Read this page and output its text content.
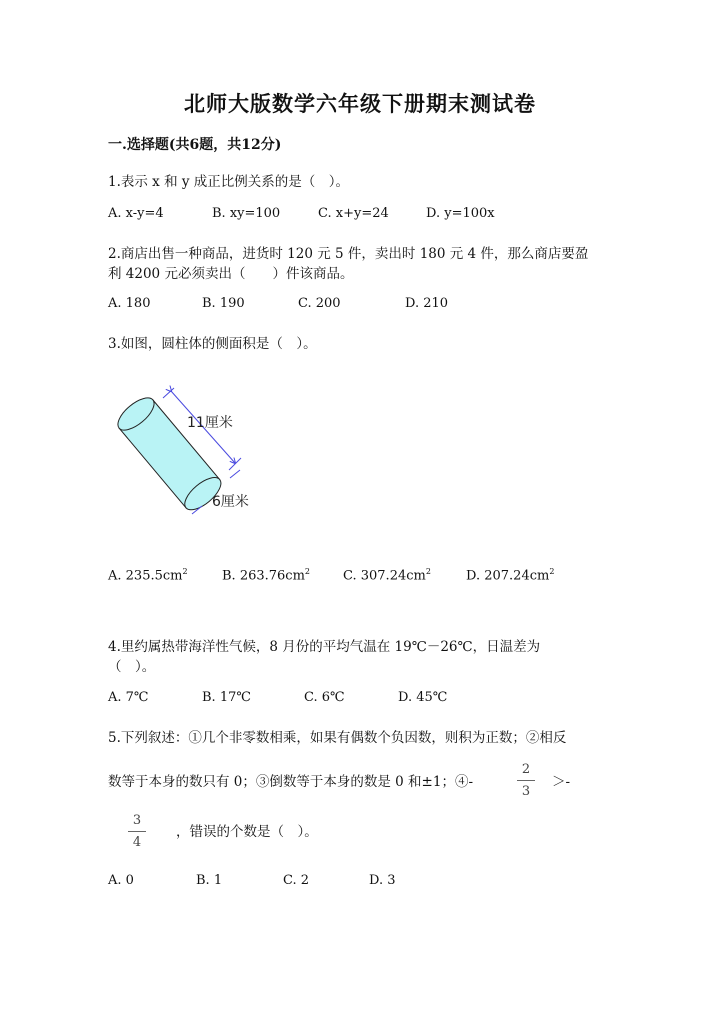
北师大版数学六年级下册期末测试卷
一.选择题(共6题，共12分)
1.表示 x 和 y 成正比例关系的是（　）。
A. x-y=4	B. xy=100	C. x+y=24	D. y=100x
2.商店出售一种商品，进货时 120 元 5 件，卖出时 180 元 4 件，那么商店要盈
利 4200 元必须卖出（　　）件该商品。
A. 180	B. 190	C. 200	D. 210
3.如图，圆柱体的侧面积是（　）。
11厘米
6厘米
A. $235.5cm^2$	B. $263.76cm^2$	C. $307.24cm^2$	D. $207.24cm^2$
4.里约属热带海洋性气候，8 月份的平均气温在 19℃－26℃，日温差为
（　）。
A. 7℃	B. 17℃	C. 6℃	D. 45℃
5.下列叙述：①几个非零数相乘，如果有偶数个负因数，则积为正数；②相反
数等于本身的数只有 0；③倒数等于本身的数是 0 和±1；④-
2
3
＞-
3
4
，错误的个数是（　）。
A. 0	B. 1	C. 2	D. 3
